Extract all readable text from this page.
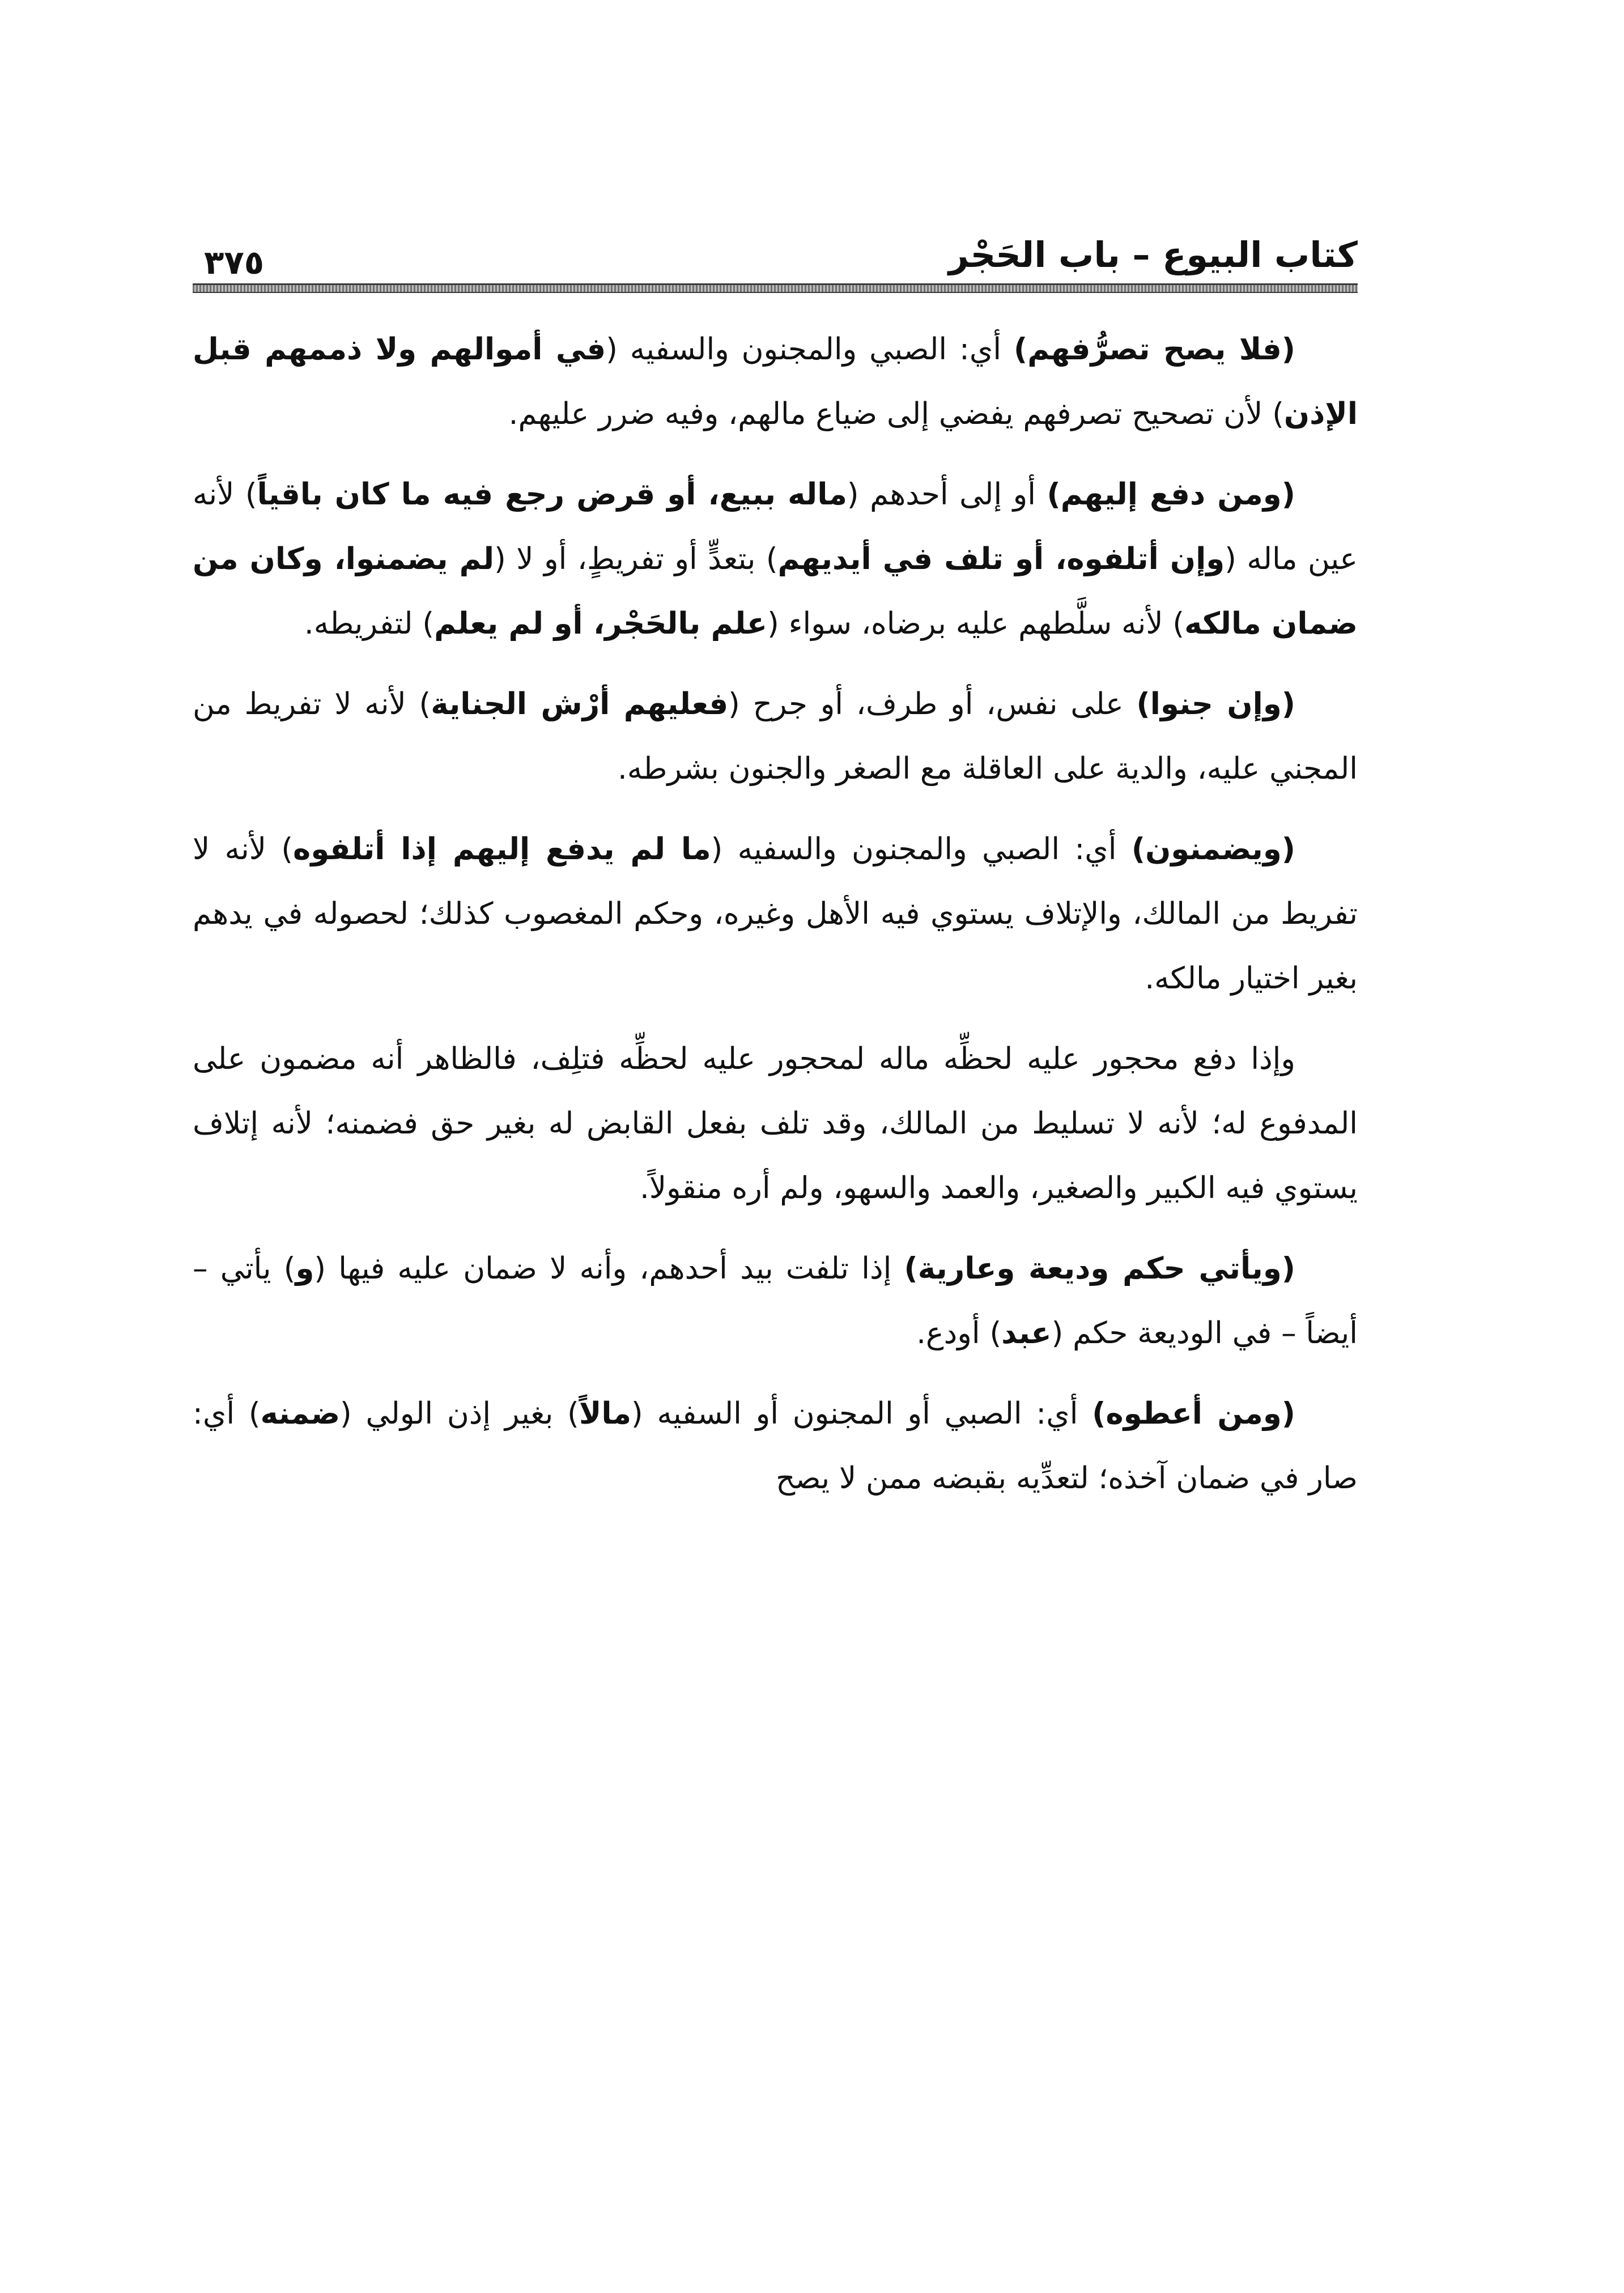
كتاب البيوع – باب الحَجْر
٣٧٥

(فلا يصح تصرُّفهم) أي: الصبي والمجنون والسفيه (في أموالهم ولا ذممهم قبل الإذن) لأن تصحيح تصرفهم يفضي إلى ضياع مالهم، وفيه ضرر عليهم.

(ومن دفع إليهم) أو إلى أحدهم (ماله ببيع، أو قرض رجع فيه ما كان باقياً) لأنه عين ماله (وإن أتلفوه، أو تلف في أيديهم) بتعدٍّ أو تفريطٍ، أو لا (لم يضمنوا، وكان من ضمان مالكه) لأنه سلَّطهم عليه برضاه، سواء (علم بالحَجْر، أو لم يعلم) لتفريطه.

(وإن جنوا) على نفس، أو طرف، أو جرح (فعليهم أرْش الجناية) لأنه لا تفريط من المجني عليه، والدية على العاقلة مع الصغر والجنون بشرطه.

(ويضمنون) أي: الصبي والمجنون والسفيه (ما لم يدفع إليهم إذا أتلفوه) لأنه لا تفريط من المالك، والإتلاف يستوي فيه الأهل وغيره، وحكم المغصوب كذلك؛ لحصوله في يدهم بغير اختيار مالكه.

وإذا دفع محجور عليه لحظِّه ماله لمحجور عليه لحظِّه فتلِف، فالظاهر أنه مضمون على المدفوع له؛ لأنه لا تسليط من المالك، وقد تلف بفعل القابض له بغير حق فضمنه؛ لأنه إتلاف يستوي فيه الكبير والصغير، والعمد والسهو، ولم أره منقولاً.

(ويأتي حكم وديعة وعارية) إذا تلفت بيد أحدهم، وأنه لا ضمان عليه فيها (و) يأتي – أيضاً – في الوديعة حكم (عبد) أودع.

(ومن أعطوه) أي: الصبي أو المجنون أو السفيه (مالاً) بغير إذن الولي (ضمنه) أي: صار في ضمان آخذه؛ لتعدِّيه بقبضه ممن لا يصح
